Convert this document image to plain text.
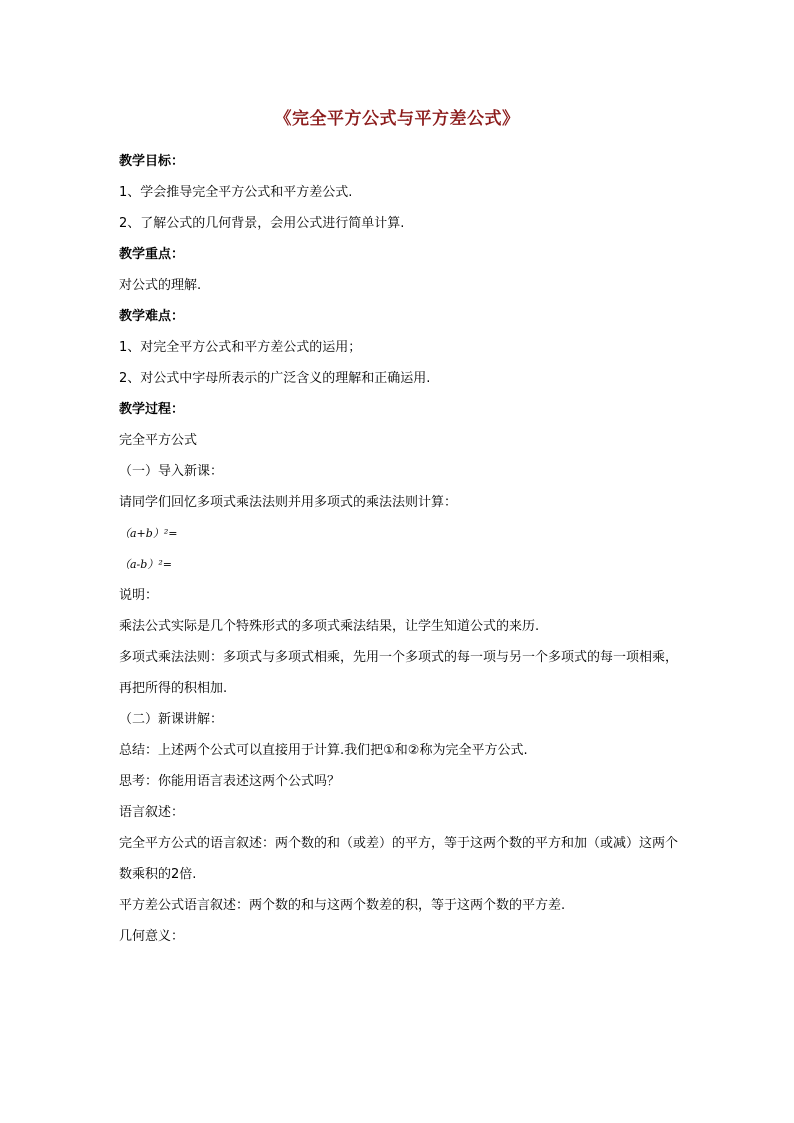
《完全平方公式与平方差公式》
教学目标：
1、学会推导完全平方公式和平方差公式.
2、了解公式的几何背景，会用公式进行简单计算.
教学重点：
对公式的理解.
教学难点：
1、对完全平方公式和平方差公式的运用；
2、对公式中字母所表示的广泛含义的理解和正确运用.
教学过程：
完全平方公式
（一）导入新课：
请同学们回忆多项式乘法法则并用多项式的乘法法则计算：
（a+b）²=
（a-b）²=
说明：
乘法公式实际是几个特殊形式的多项式乘法结果，让学生知道公式的来历.
多项式乘法法则：多项式与多项式相乘，先用一个多项式的每一项与另一个多项式的每一项相乘，再把所得的积相加.
（二）新课讲解：
总结：上述两个公式可以直接用于计算.我们把①和②称为完全平方公式.
思考：你能用语言表述这两个公式吗？
语言叙述：
完全平方公式的语言叙述：两个数的和（或差）的平方，等于这两个数的平方和加（或减）这两个数乘积的2倍.
平方差公式语言叙述：两个数的和与这两个数差的积，等于这两个数的平方差.
几何意义：
